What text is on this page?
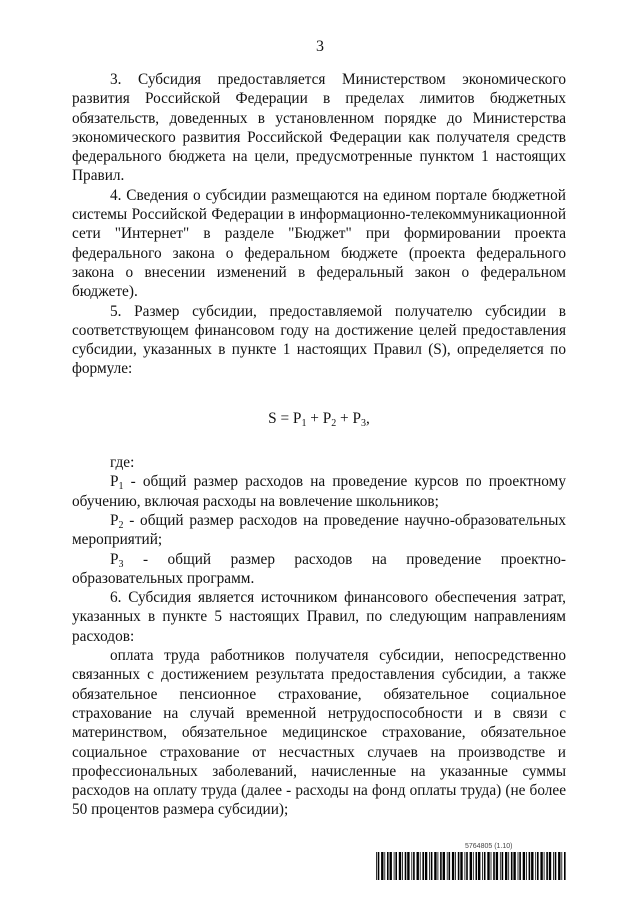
3

3. Субсидия предоставляется Министерством экономического развития Российской Федерации в пределах лимитов бюджетных обязательств, доведенных в установленном порядке до Министерства экономического развития Российской Федерации как получателя средств федерального бюджета на цели, предусмотренные пунктом 1 настоящих Правил.

4. Сведения о субсидии размещаются на едином портале бюджетной системы Российской Федерации в информационно-телекоммуникационной сети "Интернет" в разделе "Бюджет" при формировании проекта федерального закона о федеральном бюджете (проекта федерального закона о внесении изменений в федеральный закон о федеральном бюджете).

5. Размер субсидии, предоставляемой получателю субсидии в соответствующем финансовом году на достижение целей предоставления субсидии, указанных в пункте 1 настоящих Правил (S), определяется по формуле:

$S = P_1 + P_2 + P_3$,

где:

$P_1$ - общий размер расходов на проведение курсов по проектному обучению, включая расходы на вовлечение школьников;

$P_2$ - общий размер расходов на проведение научно-образовательных мероприятий;

$P_3$ - общий размер расходов на проведение проектно-образовательных программ.

6. Субсидия является источником финансового обеспечения затрат, указанных в пункте 5 настоящих Правил, по следующим направлениям расходов:

оплата труда работников получателя субсидии, непосредственно связанных с достижением результата предоставления субсидии, а также обязательное пенсионное страхование, обязательное социальное страхование на случай временной нетрудоспособности и в связи с материнством, обязательное медицинское страхование, обязательное социальное страхование от несчастных случаев на производстве и профессиональных заболеваний, начисленные на указанные суммы расходов на оплату труда (далее - расходы на фонд оплаты труда) (не более 50 процентов размера субсидии);

5764805 (1.10)
